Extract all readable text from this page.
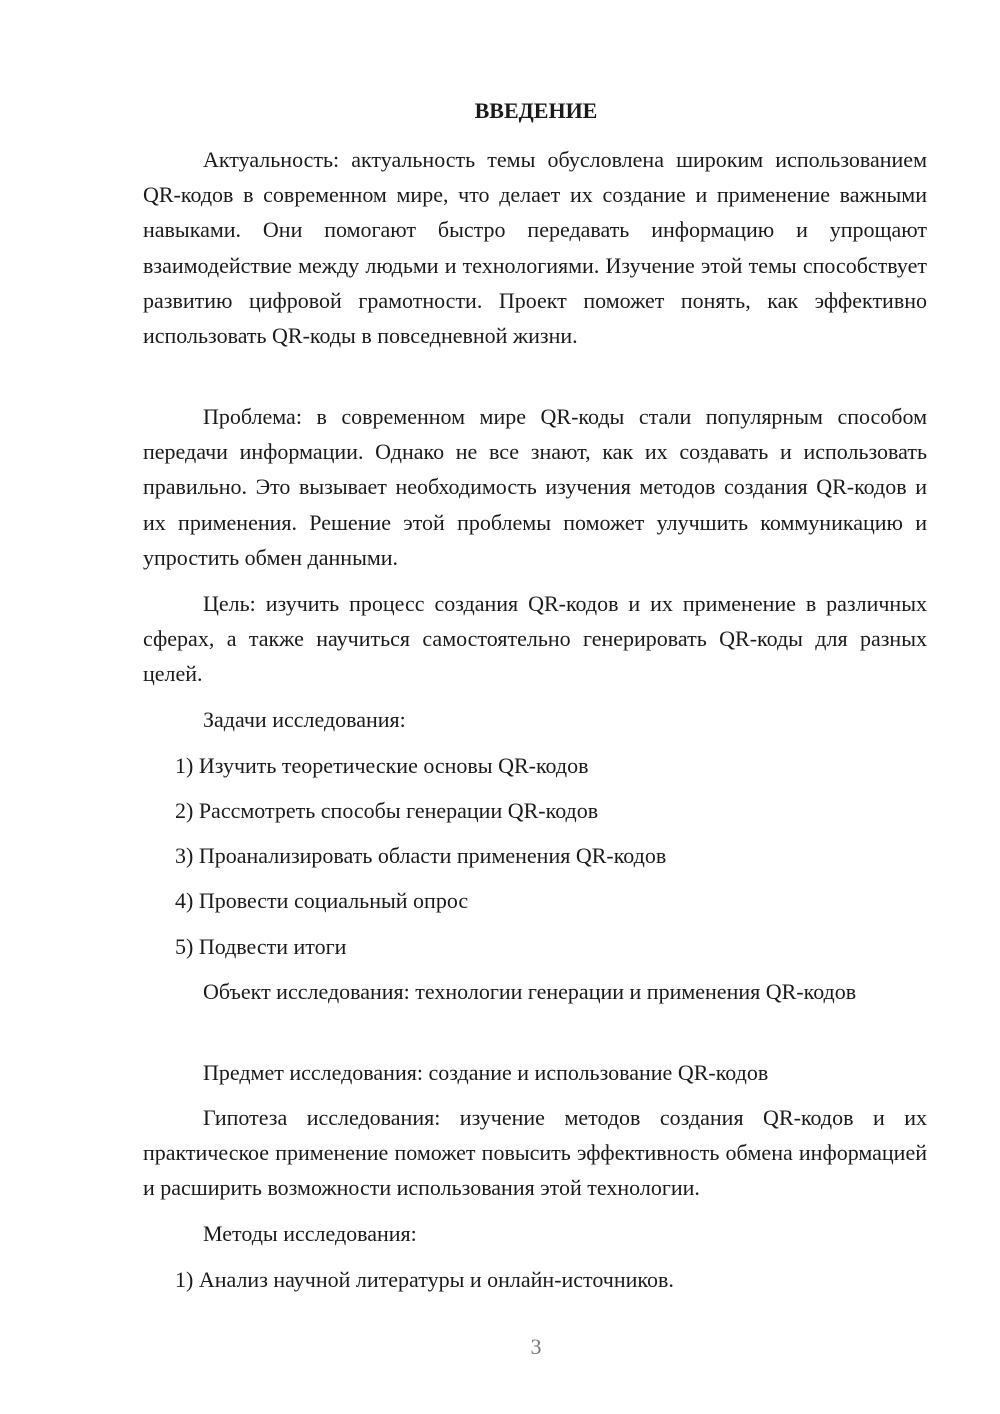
ВВЕДЕНИЕ
Актуальность: актуальность темы обусловлена широким использованием QR-кодов в современном мире, что делает их создание и применение важными навыками. Они помогают быстро передавать информацию и упрощают взаимодействие между людьми и технологиями. Изучение этой темы способствует развитию цифровой грамотности. Проект поможет понять, как эффективно использовать QR-коды в повседневной жизни.
Проблема: в современном мире QR-коды стали популярным способом передачи информации. Однако не все знают, как их создавать и использовать правильно. Это вызывает необходимость изучения методов создания QR-кодов и их применения. Решение этой проблемы поможет улучшить коммуникацию и упростить обмен данными.
Цель: изучить процесс создания QR-кодов и их применение в различных сферах, а также научиться самостоятельно генерировать QR-коды для разных целей.
Задачи исследования:
1) Изучить теоретические основы QR-кодов
2) Рассмотреть способы генерации QR-кодов
3) Проанализировать области применения QR-кодов
4) Провести социальный опрос
5) Подвести итоги
Объект исследования: технологии генерации и применения QR-кодов
Предмет исследования: создание и использование QR-кодов
Гипотеза исследования: изучение методов создания QR-кодов и их практическое применение поможет повысить эффективность обмена информацией и расширить возможности использования этой технологии.
Методы исследования:
1) Анализ научной литературы и онлайн-источников.
3
